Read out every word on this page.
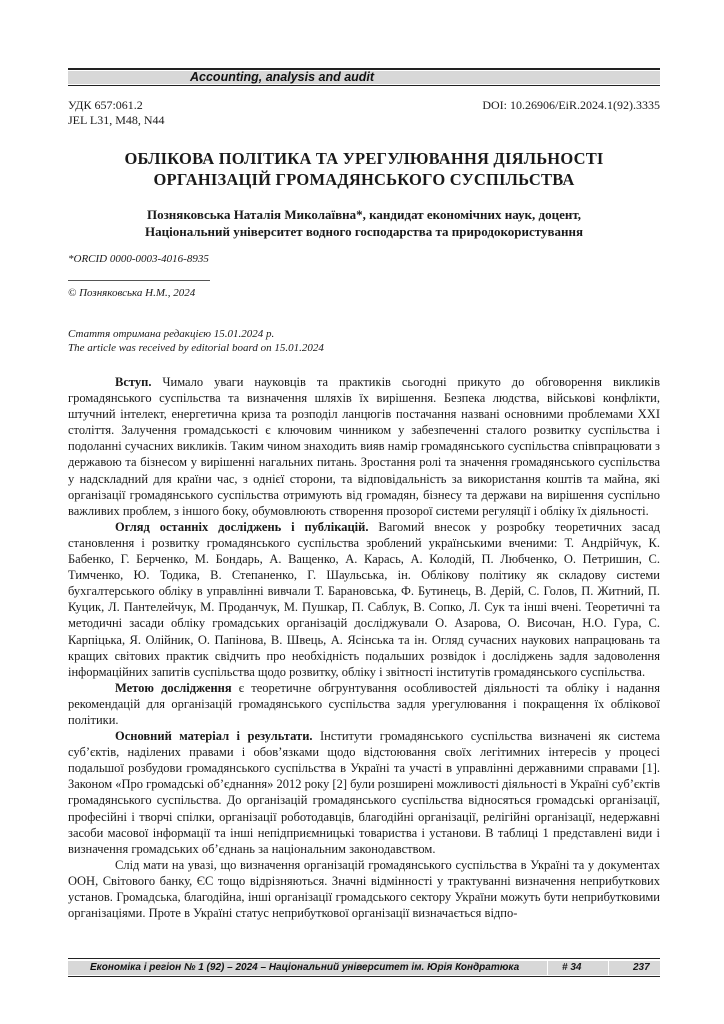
Accounting, analysis and audit
УДК 657:061.2
JEL L31, M48, N44
DOI: 10.26906/EiR.2024.1(92).3335
ОБЛІКОВА ПОЛІТИКА ТА УРЕГУЛЮВАННЯ ДІЯЛЬНОСТІ
ОРГАНІЗАЦІЙ ГРОМАДЯНСЬКОГО СУСПІЛЬСТВА
Позняковська Наталія Миколаївна*, кандидат економічних наук, доцент,
Національний університет водного господарства та природокористування
*ORCID 0000-0003-4016-8935
© Позняковська Н.М., 2024
Стаття отримана редакцією 15.01.2024 р.
The article was received by editorial board on 15.01.2024

Вступ. Чимало уваги науковців та практиків сьогодні прикуто до обговорення викликів громадянського суспільства та визначення шляхів їх вирішення. Безпека людства, військові конфлікти, штучний інтелект, енергетична криза та розподіл ланцюгів постачання названі основними проблемами XXI століття. Залучення громадськості є ключовим чинником у забезпеченні сталого розвитку суспільства і подоланні сучасних викликів. Таким чином знаходить вияв намір громадянського суспільства співпрацювати з державою та бізнесом у вирішенні нагальних питань. Зростання ролі та значення громадянського суспільства у надскладний для країни час, з однієї сторони, та відповідальність за використання коштів та майна, які організації громадянського суспільства отримують від громадян, бізнесу та держави на вирішення суспільно важливих проблем, з іншого боку, обумовлюють створення прозорої системи регуляції і обліку їх діяльності.

Огляд останніх досліджень і публікацій. Вагомий внесок у розробку теоретичних засад становлення і розвитку громадянського суспільства зроблений українськими вченими: Т. Андрійчук, К. Бабенко, Г. Берченко, М. Бондарь, А. Ващенко, А. Карась, А. Колодій, П. Любченко, О. Петришин, С. Тимченко, Ю. Тодика, В. Степаненко, Г. Шаульська, ін. Облікову політику як складову системи бухгалтерського обліку в управлінні вивчали Т. Барановська, Ф. Бутинець, В. Дерій, С. Голов, П. Житний, П. Куцик, Л. Пантелейчук, М. Проданчук, М. Пушкар, П. Саблук, В. Сопко, Л. Сук та інші вчені. Теоретичні та методичні засади обліку громадських організацій досліджували О. Азарова, О. Височан, Н.О. Гура, С. Карпіцька, Я. Олійник, О. Папінова, В. Швець, А. Ясінська та ін. Огляд сучасних наукових напрацювань та кращих світових практик свідчить про необхідність подальших розвідок і досліджень задля задоволення інформаційних запитів суспільства щодо розвитку, обліку і звітності інститутів громадянського суспільства.

Метою дослідження є теоретичне обгрунтування особливостей діяльності та обліку і надання рекомендацій для організацій громадянського суспільства задля урегулювання і покращення їх облікової політики.

Основний матеріал і результати. Інститути громадянського суспільства визначені як система суб’єктів, наділених правами і обов’язками щодо відстоювання своїх легітимних інтересів у процесі подальшої розбудови громадянського суспільства в Україні та участі в управлінні державними справами [1]. Законом «Про громадські об’єднання» 2012 року [2] були розширені можливості діяльності в Україні суб’єктів громадянського суспільства. До організацій громадянського суспільства відносяться громадські організації, професійні і творчі спілки, організації роботодавців, благодійні організації, релігійні організації, недержавні засоби масової інформації та інші непідприємницькі товариства і установи. В таблиці 1 представлені види і визначення громадських об’єднань за національним законодавством.

Слід мати на увазі, що визначення організацій громадянського суспільства в Україні та у документах ООН, Світового банку, ЄС тощо відрізняються. Значні відмінності у трактуванні визначення неприбуткових установ. Громадська, благодійна, інші організації громадського сектору України можуть бути неприбутковими організаціями. Проте в Україні статус неприбуткової організації визначається відпо-

Економіка і регіон № 1 (92) – 2024 – Національний університет ім. Юрія Кондратюка	# 34	237
